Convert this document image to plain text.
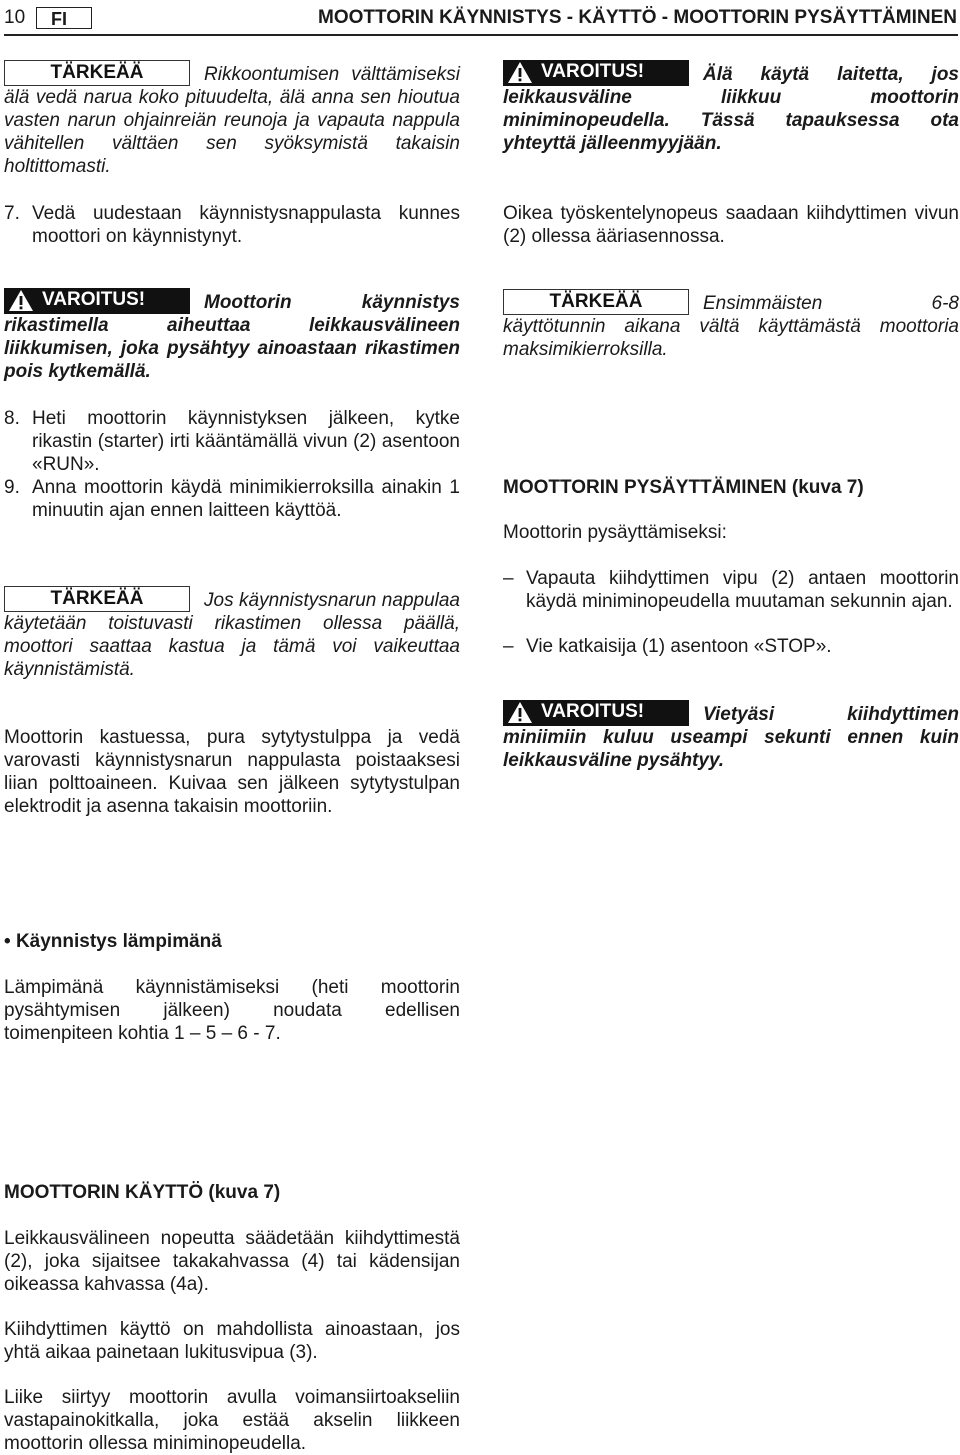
10	FI	MOOTTORIN KÄYNNISTYS - KÄYTTÖ - MOOTTORIN PYSÄYTTÄMINEN

TÄRKEÄÄ	Rikkoontumisen välttämiseksi älä vedä narua koko pituudelta, älä anna sen hioutua vasten narun ohjainreiän reunoja ja vapauta nappula vähitellen välttäen sen syöksymistä takaisin holtittomasti.

7. Vedä uudestaan käynnistysnappulasta kunnes moottori on käynnistynyt.

VAROITUS!	Moottorin käynnistys rikastimella aiheuttaa leikkausvälineen liikkumisen, joka pysähtyy ainoastaan rikastimen pois kytkemällä.

8. Heti moottorin käynnistyksen jälkeen, kytke rikastin (starter) irti kääntämällä vivun (2) asentoon «RUN».

9. Anna moottorin käydä minimikierroksilla ainakin 1 minuutin ajan ennen laitteen käyttöä.

TÄRKEÄÄ	Jos käynnistysnarun nappulaa käytetään toistuvasti rikastimen ollessa päällä, moottori saattaa kastua ja tämä voi vaikeuttaa käynnistämistä.

Moottorin kastuessa, pura sytytystulppa ja vedä varovasti käynnistysnarun nappulasta poistaaksesi liian polttoaineen. Kuivaa sen jälkeen sytytystulpan elektrodit ja asenna takaisin moottoriin.

• Käynnistys lämpimänä

Lämpimänä käynnistämiseksi (heti moottorin pysähtymisen jälkeen) noudata edellisen toimenpiteen kohtia 1 – 5 – 6 - 7.

MOOTTORIN KÄYTTÖ (kuva 7)

Leikkausvälineen nopeutta säädetään kiihdyttimestä (2), joka sijaitsee takakahvassa (4) tai kädensijan oikeassa kahvassa (4a).

Kiihdyttimen käyttö on mahdollista ainoastaan, jos yhtä aikaa painetaan lukitusvipua (3).

Liike siirtyy moottorin avulla voimansiirtoakseliin vastapainokitkalla, joka estää akselin liikkeen moottorin ollessa miniminopeudella.

VAROITUS!	Älä käytä laitetta, jos leikkausväline liikkuu moottorin miniminopeudella. Tässä tapauksessa ota yhteyttä jälleenmyyjään.

Oikea työskentelynopeus saadaan kiihdyttimen vivun (2) ollessa ääriasennossa.

TÄRKEÄÄ	Ensimmäisten 6-8 käyttötunnin aikana vältä käyttämästä moottoria maksimikierroksilla.

MOOTTORIN PYSÄYTTÄMINEN (kuva 7)

Moottorin pysäyttämiseksi:

– Vapauta kiihdyttimen vipu (2) antaen moottorin käydä miniminopeudella muutaman sekunnin ajan.

– Vie katkaisija (1) asentoon «STOP».

VAROITUS!	Vietyäsi kiihdyttimen miniimiin kuluu useampi sekunti ennen kuin leikkausväline pysähtyy.
